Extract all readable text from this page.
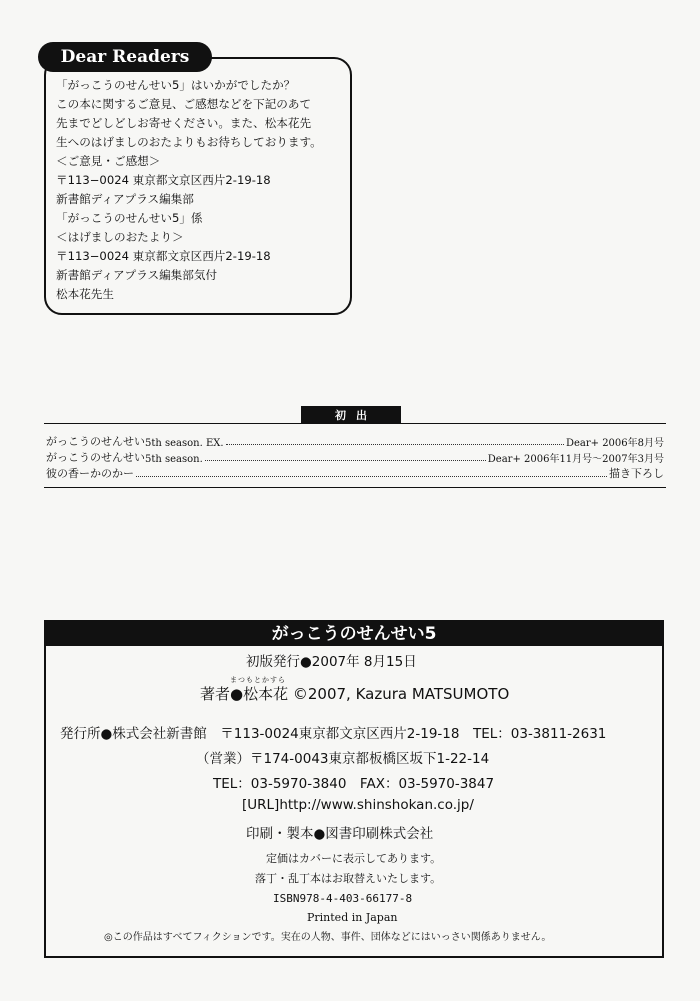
「がっこうのせんせい5」はいかがでしたか？
この本に関するご意見、ご感想などを下記のあて
先までどしどしお寄せください。また、松本花先
生へのはげましのおたよりもお待ちしております。
＜ご意見・ご感想＞
〒113−0024 東京都文京区西片2-19-18
新書館ディアプラス編集部
「がっこうのせんせい5」係
＜はげましのおたより＞
〒113−0024 東京都文京区西片2-19-18
新書館ディアプラス編集部気付
松本花先生
Dear Readers
初出
がっこうのせんせい 5th season. EX.	Dear+ 2006年8月号
がっこうのせんせい 5th season.	Dear+ 2006年11月号〜2007年3月号
彼の香ーかのかー	描き下ろし
がっこうのせんせい5
初版発行●2007年 8月15日
まつもとかすら
著者●松本花 ©2007, Kazura MATSUMOTO
発行所●株式会社新書館　〒113-0024東京都文京区西片2-19-18　TEL：03-3811-2631
（営業）〒174-0043東京都板橋区坂下1-22-14
TEL：03-5970-3840　FAX：03-5970-3847
[URL]http://www.shinshokan.co.jp/
印刷・製本●図書印刷株式会社
定価はカバーに表示してあります。
落丁・乱丁本はお取替えいたします。
ISBN978-4-403-66177-8
Printed in Japan
◎この作品はすべてフィクションです。実在の人物、事件、団体などにはいっさい関係ありません。
